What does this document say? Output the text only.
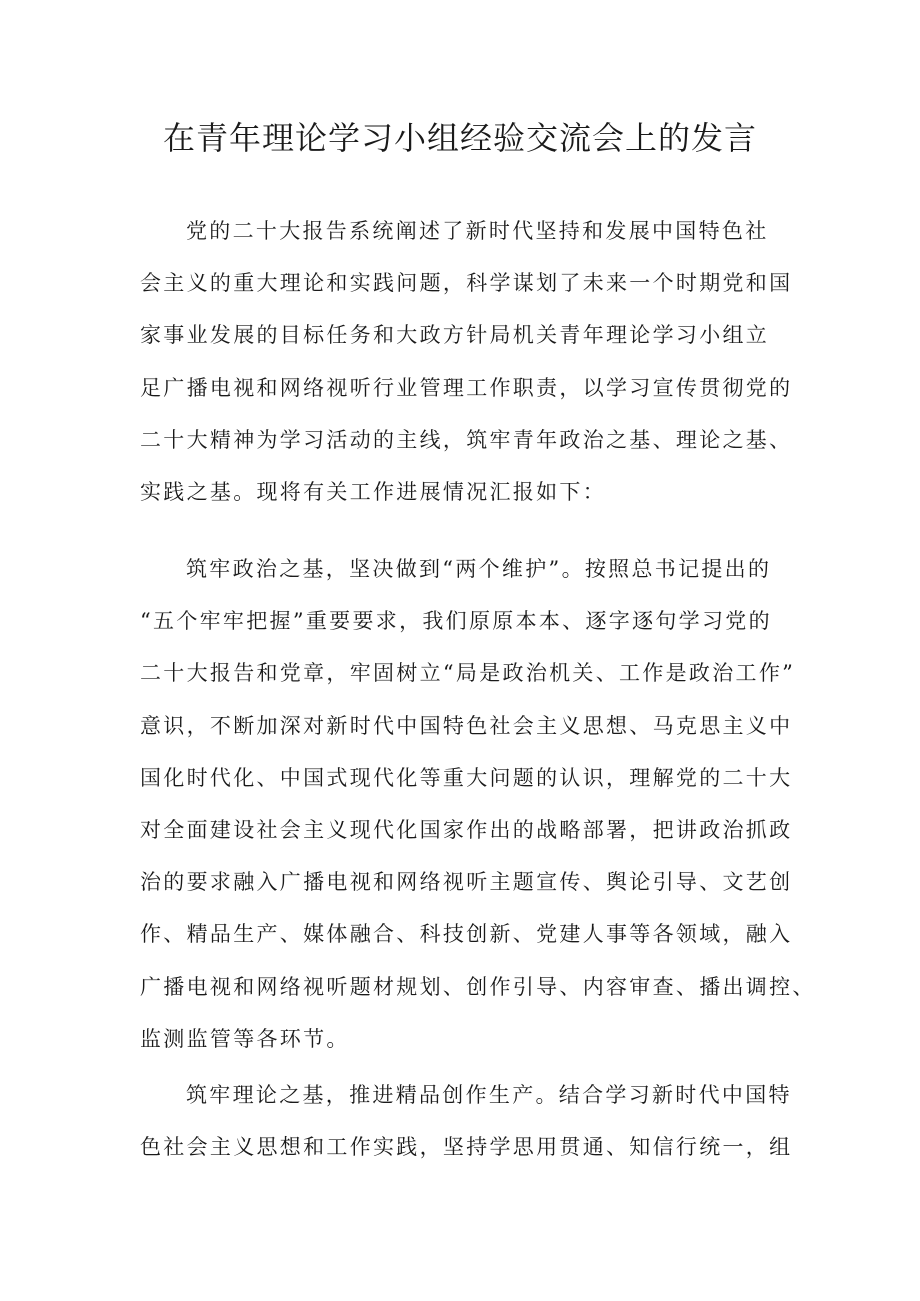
在青年理论学习小组经验交流会上的发言
党的二十大报告系统阐述了新时代坚持和发展中国特色社
会主义的重大理论和实践问题，科学谋划了未来一个时期党和国
家事业发展的目标任务和大政方针局机关青年理论学习小组立
足广播电视和网络视听行业管理工作职责，以学习宣传贯彻党的
二十大精神为学习活动的主线，筑牢青年政治之基、理论之基、
实践之基。现将有关工作进展情况汇报如下：
筑牢政治之基，坚决做到“两个维护”。按照总书记提出的
“五个牢牢把握”重要要求，我们原原本本、逐字逐句学习党的
二十大报告和党章，牢固树立“局是政治机关、工作是政治工作”
意识，不断加深对新时代中国特色社会主义思想、马克思主义中
国化时代化、中国式现代化等重大问题的认识，理解党的二十大
对全面建设社会主义现代化国家作出的战略部署，把讲政治抓政
治的要求融入广播电视和网络视听主题宣传、舆论引导、文艺创
作、精品生产、媒体融合、科技创新、党建人事等各领域，融入
广播电视和网络视听题材规划、创作引导、内容审查、播出调控、
监测监管等各环节。
筑牢理论之基，推进精品创作生产。结合学习新时代中国特
色社会主义思想和工作实践，坚持学思用贯通、知信行统一，组
